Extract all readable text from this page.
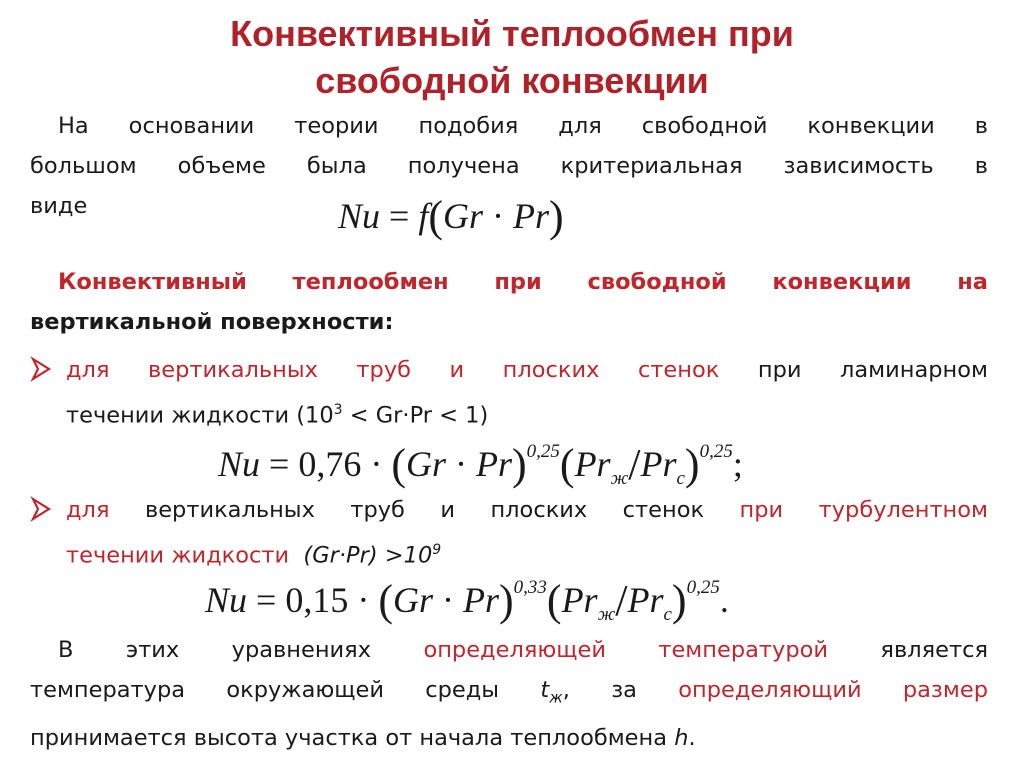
Конвективный теплообмен при
свободной конвекции
На основании теории подобия для свободной конвекции в
большом объеме была получена критериальная зависимость в
виде	Nu = f(Gr · Pr)
Конвективный теплообмен при свободной конвекции на
вертикальной поверхности:
для вертикальных труб и плоских стенок при ламинарном
течении жидкости $(10^3 < Gr\cdot Pr < 1)$
$Nu = 0,76 \cdot (Gr \cdot Pr)^{0,25}(Pr_ж/Pr_c)^{0,25}$;
для вертикальных труб и плоских стенок при турбулентном
течении жидкости $(Gr\cdot Pr) >10^9$
$Nu = 0,15 \cdot (Gr \cdot Pr)^{0,33}(Pr_ж/Pr_c)^{0,25}$.
В этих уравнениях определяющей температурой является
температура окружающей среды $t_ж$, за определяющий размер
принимается высота участка от начала теплообмена h.
